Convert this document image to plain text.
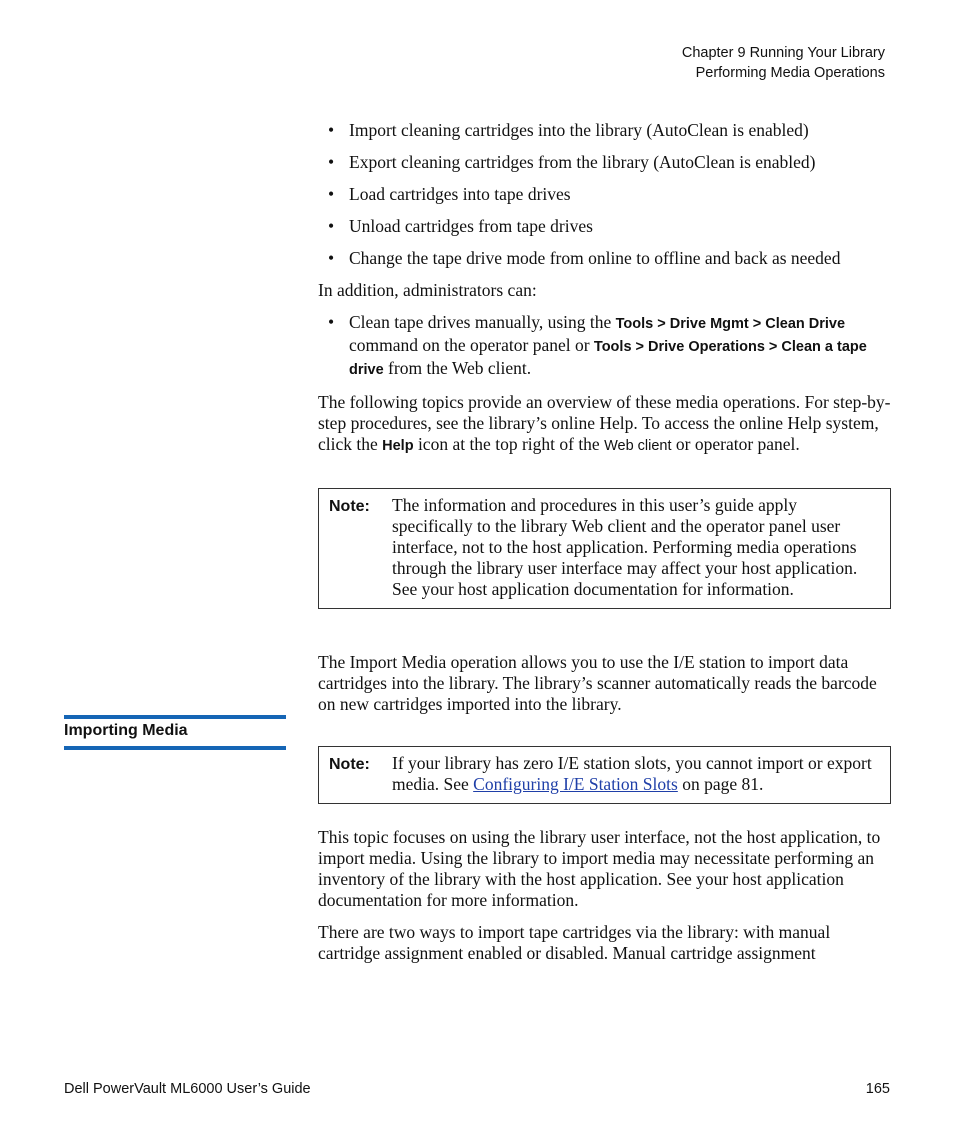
Chapter 9 Running Your Library
Performing Media Operations
Importing Media
• Import cleaning cartridges into the library (AutoClean is enabled)
• Export cleaning cartridges from the library (AutoClean is enabled)
• Load cartridges into tape drives
• Unload cartridges from tape drives
• Change the tape drive mode from online to offline and back as needed

In addition, administrators can:

• Clean tape drives manually, using the Tools > Drive Mgmt > Clean Drive command on the operator panel or Tools > Drive Operations > Clean a tape drive from the Web client.

The following topics provide an overview of these media operations. For step-by-step procedures, see the library’s online Help. To access the online Help system, click the Help icon at the top right of the Web client or operator panel.

Note:	The information and procedures in this user’s guide apply specifically to the library Web client and the operator panel user interface, not to the host application. Performing media operations through the library user interface may affect your host application. See your host application documentation for information.

The Import Media operation allows you to use the I/E station to import data cartridges into the library. The library’s scanner automatically reads the barcode on new cartridges imported into the library.

Note:	If your library has zero I/E station slots, you cannot import or export media. See Configuring I/E Station Slots on page 81.

This topic focuses on using the library user interface, not the host application, to import media. Using the library to import media may necessitate performing an inventory of the library with the host application. See your host application documentation for more information.

There are two ways to import tape cartridges via the library: with manual cartridge assignment enabled or disabled. Manual cartridge assignment

Dell PowerVault ML6000 User’s Guide	165
